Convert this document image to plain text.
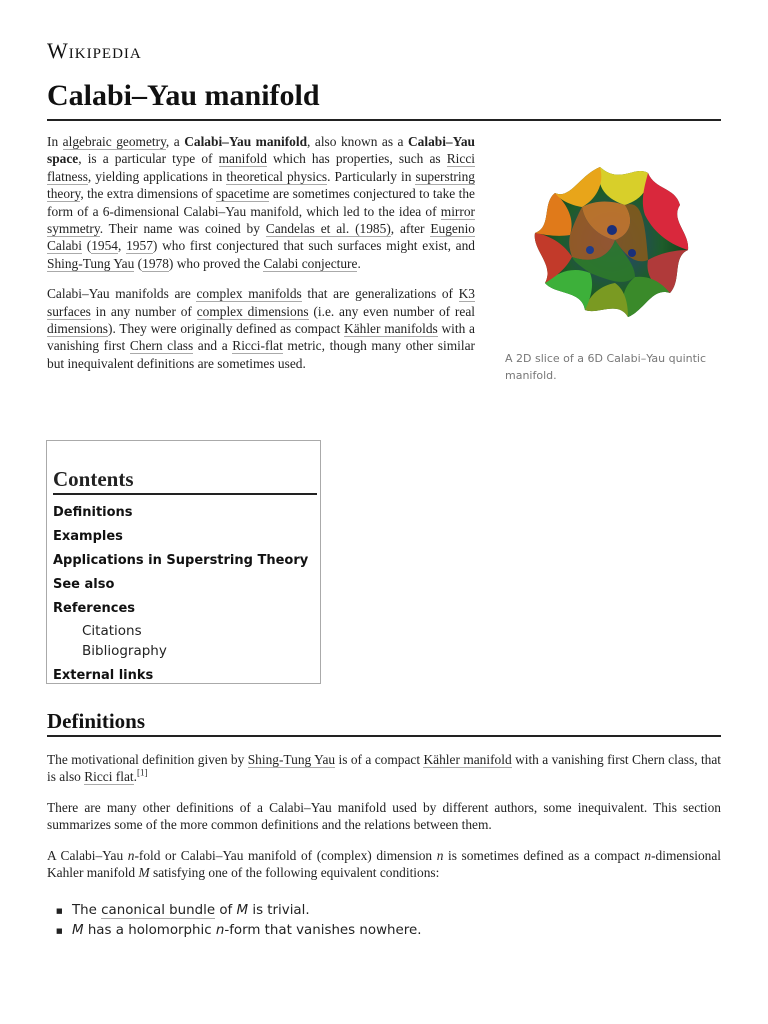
Wikipedia
Calabi–Yau manifold

In algebraic geometry, a Calabi–Yau manifold, also known as a Calabi–Yau space, is a particular type of manifold which has properties, such as Ricci flatness, yielding applications in theoretical physics. Particularly in superstring theory, the extra dimensions of spacetime are sometimes conjectured to take the form of a 6-dimensional Calabi–Yau manifold, which led to the idea of mirror symmetry. Their name was coined by Candelas et al. (1985), after Eugenio Calabi (1954, 1957) who first conjectured that such surfaces might exist, and Shing-Tung Yau (1978) who proved the Calabi conjecture.

Calabi–Yau manifolds are complex manifolds that are generalizations of K3 surfaces in any number of complex dimensions (i.e. any even number of real dimensions). They were originally defined as compact Kähler manifolds with a vanishing first Chern class and a Ricci-flat metric, though many other similar but inequivalent definitions are sometimes used.	A 2D slice of a 6D Calabi–Yau quintic manifold.
Contents
Definitions
Examples
Applications in Superstring Theory
See also
References
Citations
Bibliography
External links
Definitions

The motivational definition given by Shing-Tung Yau is of a compact Kähler manifold with a vanishing first Chern class, that is also Ricci flat.[1]

There are many other definitions of a Calabi–Yau manifold used by different authors, some inequivalent. This section summarizes some of the more common definitions and the relations between them.

A Calabi–Yau n-fold or Calabi–Yau manifold of (complex) dimension n is sometimes defined as a compact n-dimensional Kahler manifold M satisfying one of the following equivalent conditions:

■ The canonical bundle of M is trivial.
■ M has a holomorphic n-form that vanishes nowhere.
